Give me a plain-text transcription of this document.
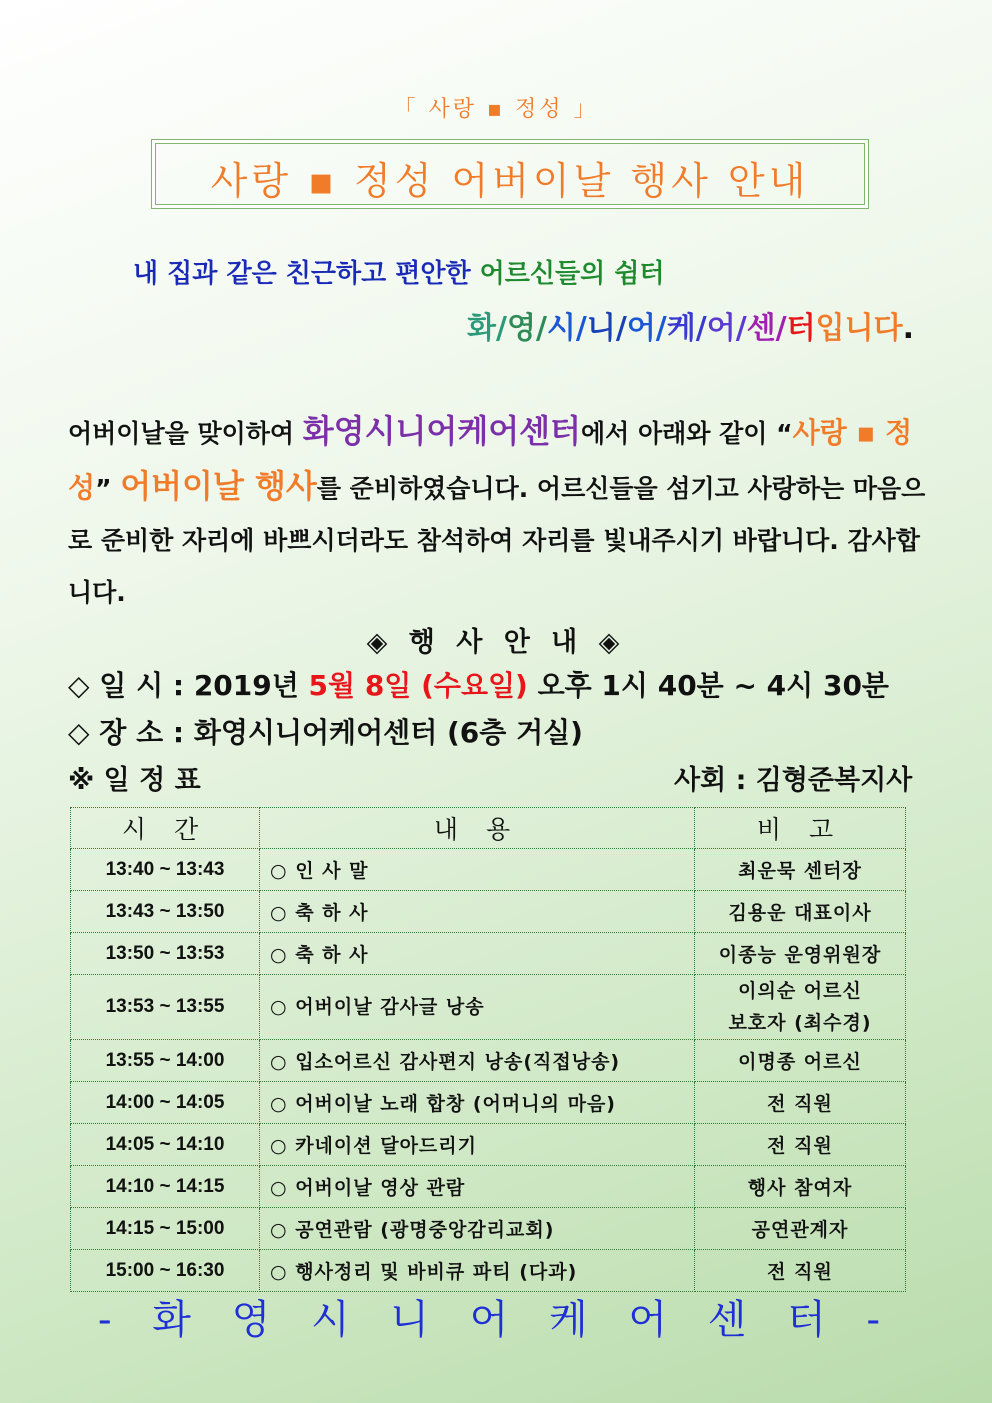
「 사랑 ▪ 정성 」
사랑 ▪ 정성 어버이날 행사 안내
내 집과 같은 친근하고 편안한 어르신들의 쉼터
화/영/시/니/어/케/어/센/터입니다.
어버이날을 맞이하여 화영시니어케어센터에서 아래와 같이 “사랑 ▪ 정성” 어버이날 행사를 준비하였습니다. 어르신들을 섬기고 사랑하는 마음으로 준비한 자리에 바쁘시더라도 참석하여 자리를 빛내주시기 바랍니다. 감사합니다.
◈ 행 사 안 내 ◈
◇ 일 시 : 2019년 5월 8일 (수요일) 오후 1시 40분 ~ 4시 30분
◇ 장 소 : 화영시니어케어센터 (6층 거실)
※ 일 정 표	사회 : 김형준복지사
시 간	내 용	비 고
13:40 ~ 13:43	○ 인 사 말	최운묵 센터장
13:43 ~ 13:50	○ 축 하 사	김용운 대표이사
13:50 ~ 13:53	○ 축 하 사	이종능 운영위원장
13:53 ~ 13:55	○ 어버이날 감사글 낭송	이의순 어르신
보호자 (최수경)

13:55 ~ 14:00	○ 입소어르신 감사편지 낭송(직접낭송)	이명종 어르신
14:00 ~ 14:05	○ 어버이날 노래 합창 (어머니의 마음)	전 직원
14:05 ~ 14:10	○ 카네이션 달아드리기	전 직원
14:10 ~ 14:15	○ 어버이날 영상 관람	행사 참여자
14:15 ~ 15:00	○ 공연관람 (광명중앙감리교회)	공연관계자
15:00 ~ 16:30	○ 행사정리 및 바비큐 파티 (다과)	전 직원
- 화 영 시 니 어 케 어 센 터 -
